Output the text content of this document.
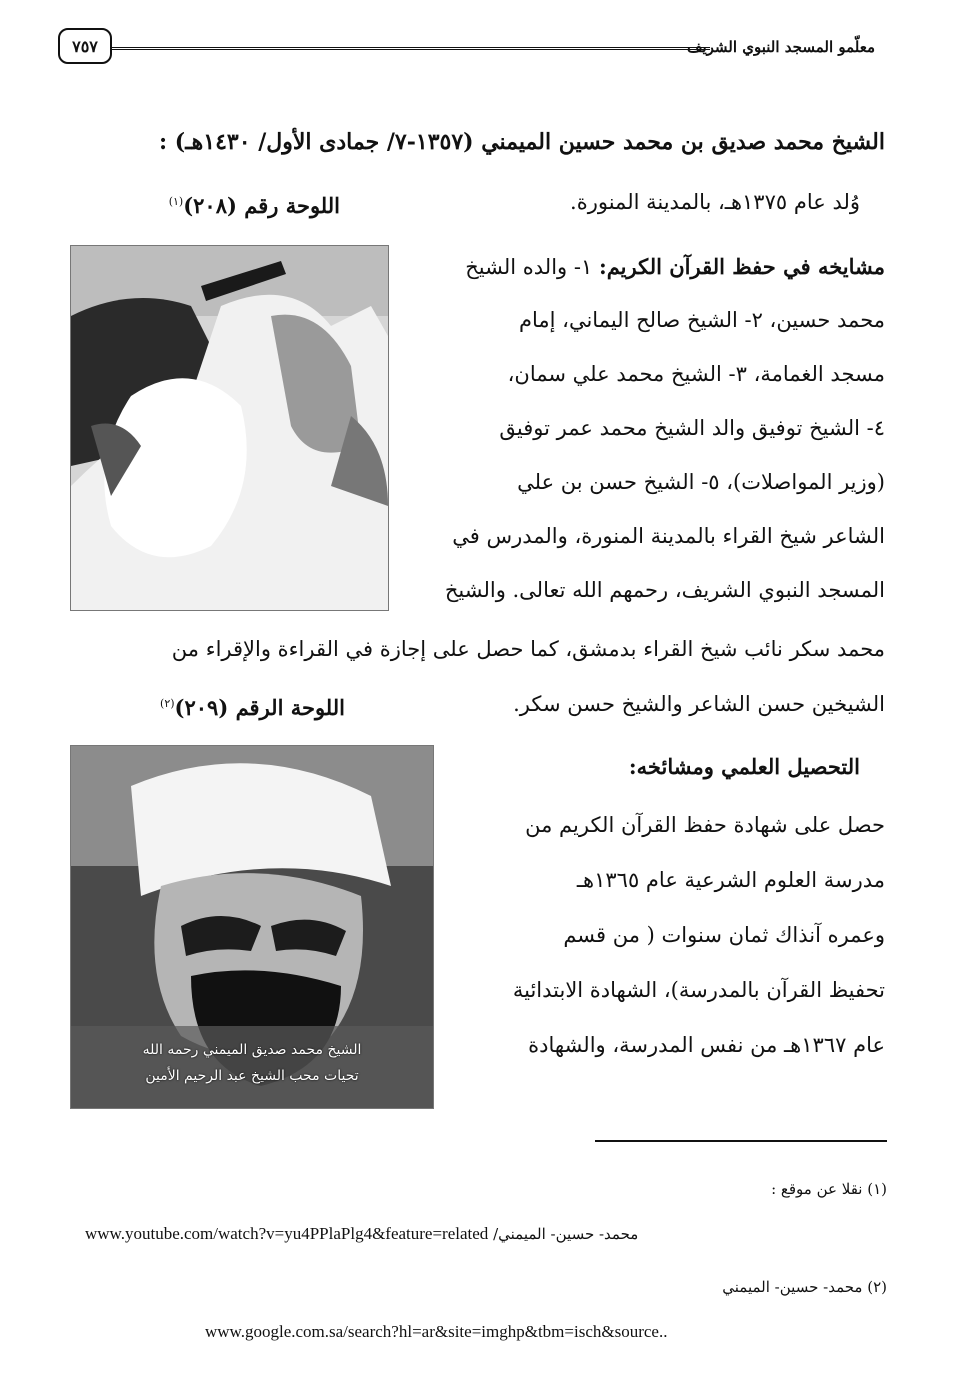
معلّمو المسجد النبوي الشريف
٧٥٧
الشيخ محمد صديق بن محمد حسين الميمني (١٣٥٧-٧/ جمادى الأول/ ١٤٣٠هـ) :
وُلد عام ١٣٧٥هـ، بالمدينة المنورة.
اللوحة رقم (٢٠٨)$^{(١)}$
مشايخه في حفظ القرآن الكريم: ١- والده الشيخ
محمد حسين، ٢- الشيخ صالح اليماني، إمام
مسجد الغمامة، ٣- الشيخ محمد علي سمان،
٤- الشيخ توفيق والد الشيخ محمد عمر توفيق
(وزير المواصلات)، ٥- الشيخ حسن بن علي
الشاعر شيخ القراء بالمدينة المنورة، والمدرس في
المسجد النبوي الشريف، رحمهم الله تعالى. والشيخ
محمد سكر نائب شيخ القراء بدمشق، كما حصل على إجازة في القراءة والإقراء من
الشيخين حسن الشاعر والشيخ حسن سكر.
اللوحة الرقم (٢٠٩)$^{(٢)}$
الشيخ محمد صديق الميمني رحمه الله
تحيات محب الشيخ عبد الرحيم الأمين
التحصيل العلمي ومشائخه:
حصل على شهادة حفظ القرآن الكريم من
مدرسة العلوم الشرعية عام ١٣٦٥هـ
وعمره آنذاك ثمان سنوات ( من قسم
تحفيظ القرآن بالمدرسة)، الشهادة الابتدائية
عام ١٣٦٧هـ من نفس المدرسة، والشهادة
(١) نقلا عن موقع :
www.youtube.com/watch?v=yu4PPlaPlg4&feature=related محمد- حسين- الميمني/
(٢) محمد- حسين- الميمني
www.google.com.sa/search?hl=ar&site=imghp&tbm=isch&source..
